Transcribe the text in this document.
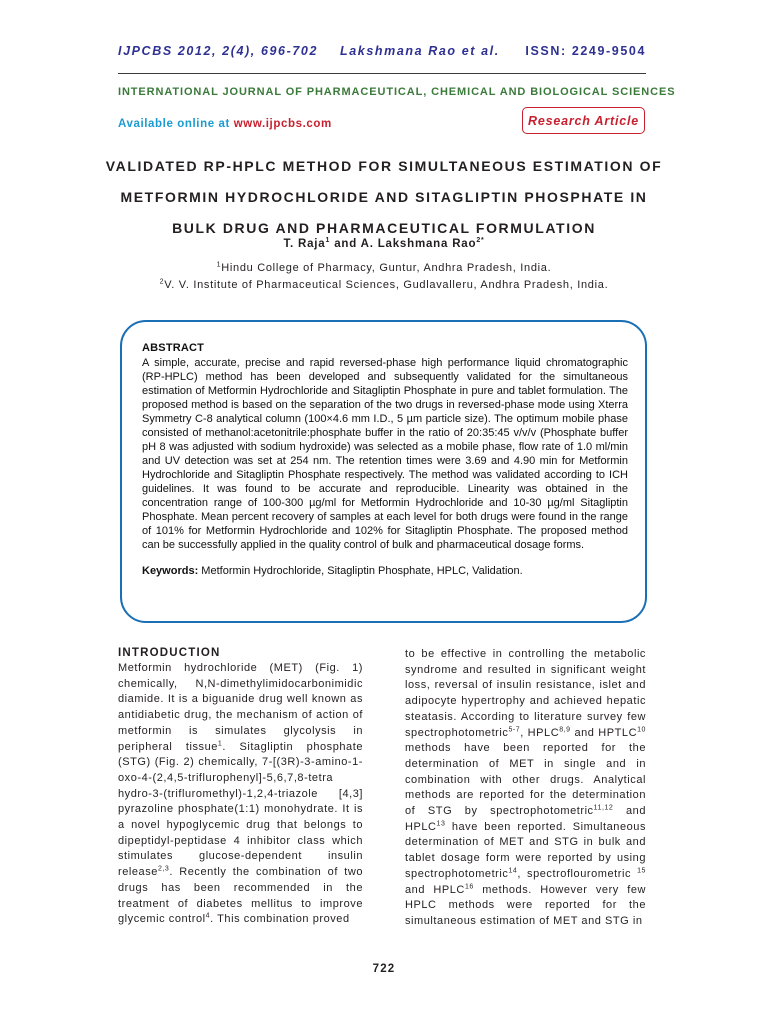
IJPCBS 2012, 2(4), 696-702 Lakshmana Rao et al. ISSN: 2249-9504
INTERNATIONAL JOURNAL OF PHARMACEUTICAL, CHEMICAL AND BIOLOGICAL SCIENCES
Available online at www.ijpcbs.com	Research Article
VALIDATED RP-HPLC METHOD FOR SIMULTANEOUS ESTIMATION OF
METFORMIN HYDROCHLORIDE AND SITAGLIPTIN PHOSPHATE IN
BULK DRUG AND PHARMACEUTICAL FORMULATION
T. Raja$^1$ and A. Lakshmana Rao$^{2*}$
$^1$Hindu College of Pharmacy, Guntur, Andhra Pradesh, India.
$^2$V. V. Institute of Pharmaceutical Sciences, Gudlavalleru, Andhra Pradesh, India.
ABSTRACT

A simple, accurate, precise and rapid reversed-phase high performance liquid chromatographic (RP-HPLC) method has been developed and subsequently validated for the simultaneous estimation of Metformin Hydrochloride and Sitagliptin Phosphate in pure and tablet formulation. The proposed method is based on the separation of the two drugs in reversed-phase mode using Xterra Symmetry C-8 analytical column (100×4.6 mm I.D., 5 µm particle size). The optimum mobile phase consisted of methanol:acetonitrile:phosphate buffer in the ratio of 20:35:45 v/v/v (Phosphate buffer pH 8 was adjusted with sodium hydroxide) was selected as a mobile phase, flow rate of 1.0 ml/min and UV detection was set at 254 nm. The retention times were 3.69 and 4.90 min for Metformin Hydrochloride and Sitagliptin Phosphate respectively. The method was validated according to ICH guidelines. It was found to be accurate and reproducible. Linearity was obtained in the concentration range of 100-300 µg/ml for Metformin Hydrochloride and 10-30 µg/ml Sitagliptin Phosphate. Mean percent recovery of samples at each level for both drugs were found in the range of 101% for Metformin Hydrochloride and 102% for Sitagliptin Phosphate. The proposed method can be successfully applied in the quality control of bulk and pharmaceutical dosage forms.

Keywords: Metformin Hydrochloride, Sitagliptin Phosphate, HPLC, Validation.

INTRODUCTION

Metformin hydrochloride (MET) (Fig. 1) chemically, N,N-dimethylimidocarbonimidic diamide. It is a biguanide drug well known as antidiabetic drug, the mechanism of action of metformin is simulates glycolysis in peripheral tissue$^1$. Sitagliptin phosphate (STG) (Fig. 2) chemically, 7-[(3R)-3-amino-1-oxo-4-(2,4,5-triflurophenyl]-5,6,7,8-tetra hydro-3-(trifluromethyl)-1,2,4-triazole [4,3] pyrazoline phosphate(1:1) monohydrate. It is a novel hypoglycemic drug that belongs to dipeptidyl-peptidase 4 inhibitor class which stimulates glucose-dependent insulin release$^{2,3}$. Recently the combination of two drugs has been recommended in the treatment of diabetes mellitus to improve glycemic control$^4$. This combination proved

to be effective in controlling the metabolic syndrome and resulted in significant weight loss, reversal of insulin resistance, islet and adipocyte hypertrophy and achieved hepatic steatasis. According to literature survey few spectrophotometric$^{5-7}$, HPLC$^{8,9}$ and HPTLC$^{10}$ methods have been reported for the determination of MET in single and in combination with other drugs. Analytical methods are reported for the determination of STG by spectrophotometric$^{11,12}$ and HPLC$^{13}$ have been reported. Simultaneous determination of MET and STG in bulk and tablet dosage form were reported by using spectrophotometric$^{14}$, spectroflourometric $^{15}$ and HPLC$^{16}$ methods. However very few HPLC methods were reported for the simultaneous estimation of MET and STG in

722
